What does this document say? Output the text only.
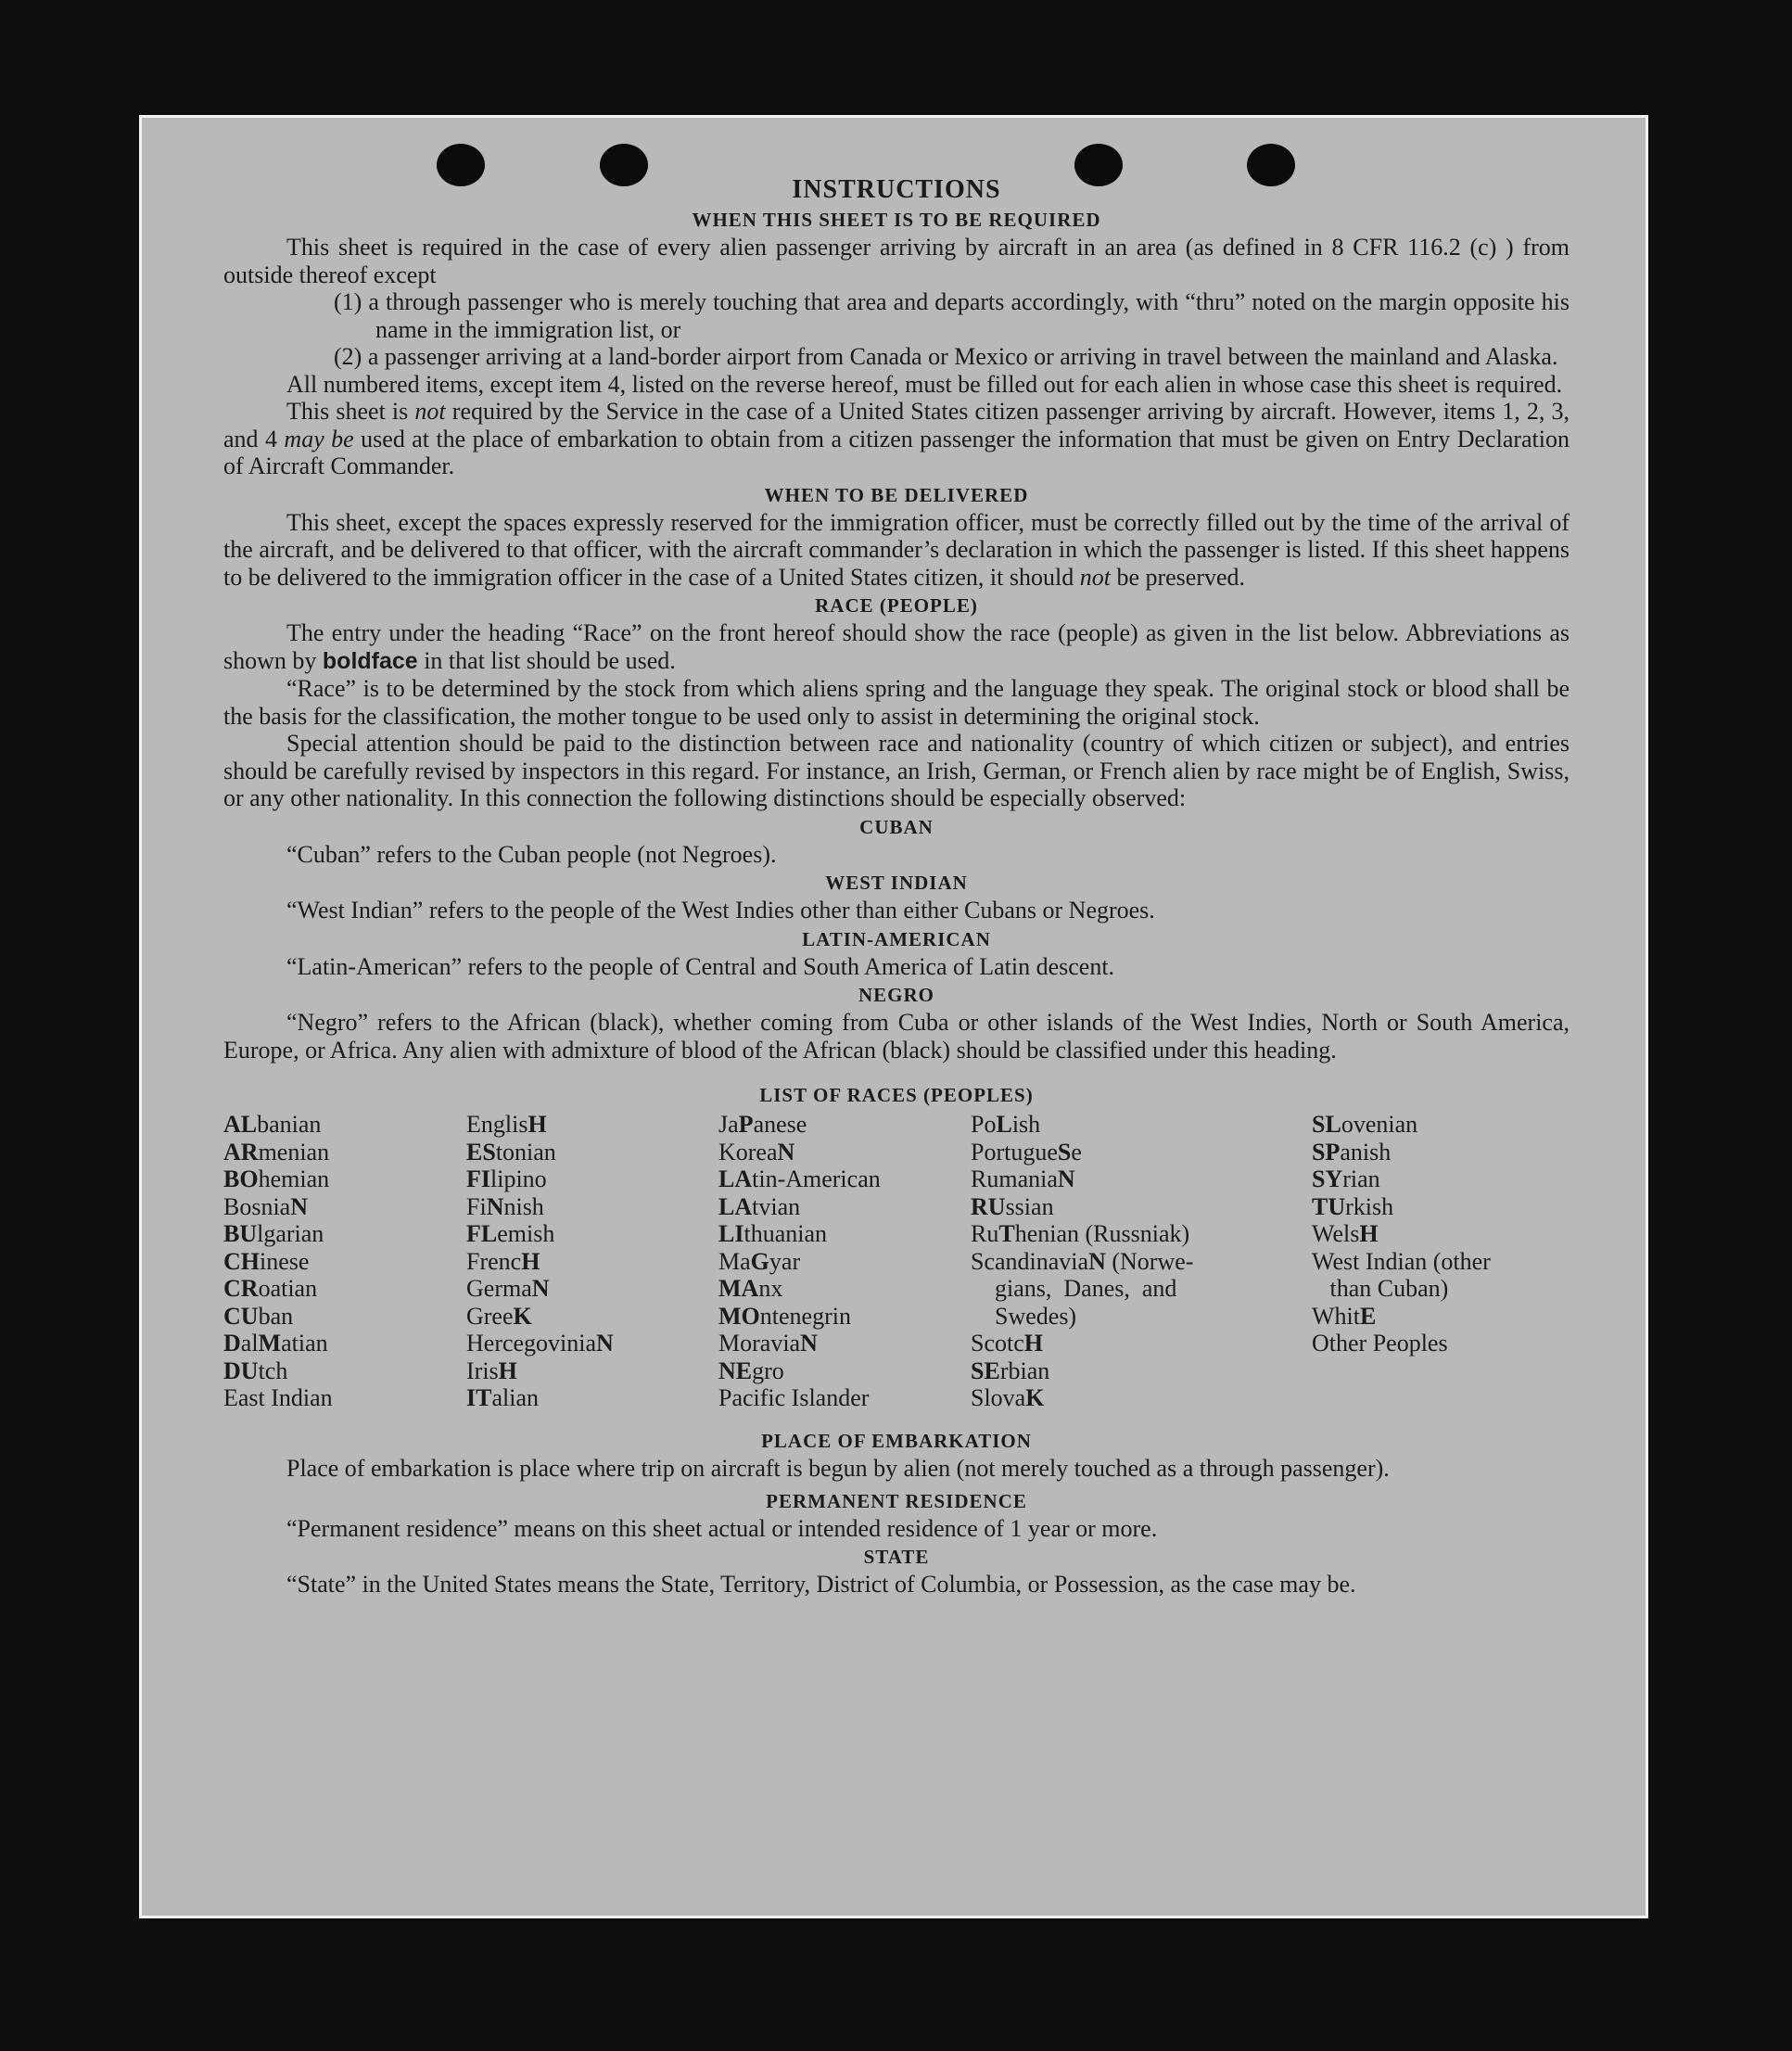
INSTRUCTIONS
WHEN THIS SHEET IS TO BE REQUIRED

This sheet is required in the case of every alien passenger arriving by aircraft in an area (as defined in 8 CFR 116.2 (c) ) from outside thereof except

(1) a through passenger who is merely touching that area and departs accordingly, with “thru” noted on the margin opposite his name in the immigration list, or

(2) a passenger arriving at a land-border airport from Canada or Mexico or arriving in travel between the mainland and Alaska.

All numbered items, except item 4, listed on the reverse hereof, must be filled out for each alien in whose case this sheet is required.

This sheet is not required by the Service in the case of a United States citizen passenger arriving by aircraft. However, items 1, 2, 3, and 4 may be used at the place of embarkation to obtain from a citizen passenger the information that must be given on Entry Declaration of Aircraft Commander.

WHEN TO BE DELIVERED

This sheet, except the spaces expressly reserved for the immigration officer, must be correctly filled out by the time of the arrival of the aircraft, and be delivered to that officer, with the aircraft commander’s declaration in which the passenger is listed. If this sheet happens to be delivered to the immigration officer in the case of a United States citizen, it should not be preserved.

RACE (PEOPLE)

The entry under the heading “Race” on the front hereof should show the race (people) as given in the list below. Abbreviations as shown by boldface in that list should be used.

“Race” is to be determined by the stock from which aliens spring and the language they speak. The original stock or blood shall be the basis for the classification, the mother tongue to be used only to assist in determining the original stock.

Special attention should be paid to the distinction between race and nationality (country of which citizen or subject), and entries should be carefully revised by inspectors in this regard. For instance, an Irish, German, or French alien by race might be of English, Swiss, or any other nationality. In this connection the following distinctions should be especially observed:

CUBAN

“Cuban” refers to the Cuban people (not Negroes).

WEST INDIAN

“West Indian” refers to the people of the West Indies other than either Cubans or Negroes.

LATIN-AMERICAN

“Latin-American” refers to the people of Central and South America of Latin descent.

NEGRO

“Negro” refers to the African (black), whether coming from Cuba or other islands of the West Indies, North or South America, Europe, or Africa. Any alien with admixture of blood of the African (black) should be classified under this heading.

LIST OF RACES (PEOPLES)
ALbanian
ARmenian
BOhemian
BosniaN
BUlgarian
CHinese
CRoatian
CUban
DalMatian
DUtch
East Indian
EnglisH
EStonian
FIlipino
FiNnish
FLemish
FrencH
GermaN
GreeK
HercegoviniaN
IrisH
ITalian
JaPanese
KoreaN
LAtin-American
LAtvian
LIthuanian
MaGyar
MAnx
MOntenegrin
MoraviaN
NEgro
Pacific Islander
PoLish
PortugueSe
RumaniaN
RUssian
RuThenian (Russniak)
ScandinaviaN (Norwe-
gians,  Danes,  and
Swedes)
ScotcH
SErbian
SlovaK
SLovenian
SPanish
SYrian
TUrkish
WelsH
West Indian (other
than Cuban)
WhitE
Other Peoples
PLACE OF EMBARKATION

Place of embarkation is place where trip on aircraft is begun by alien (not merely touched as a through passenger).

PERMANENT RESIDENCE

“Permanent residence” means on this sheet actual or intended residence of 1 year or more.

STATE

“State” in the United States means the State, Territory, District of Columbia, or Possession, as the case may be.
